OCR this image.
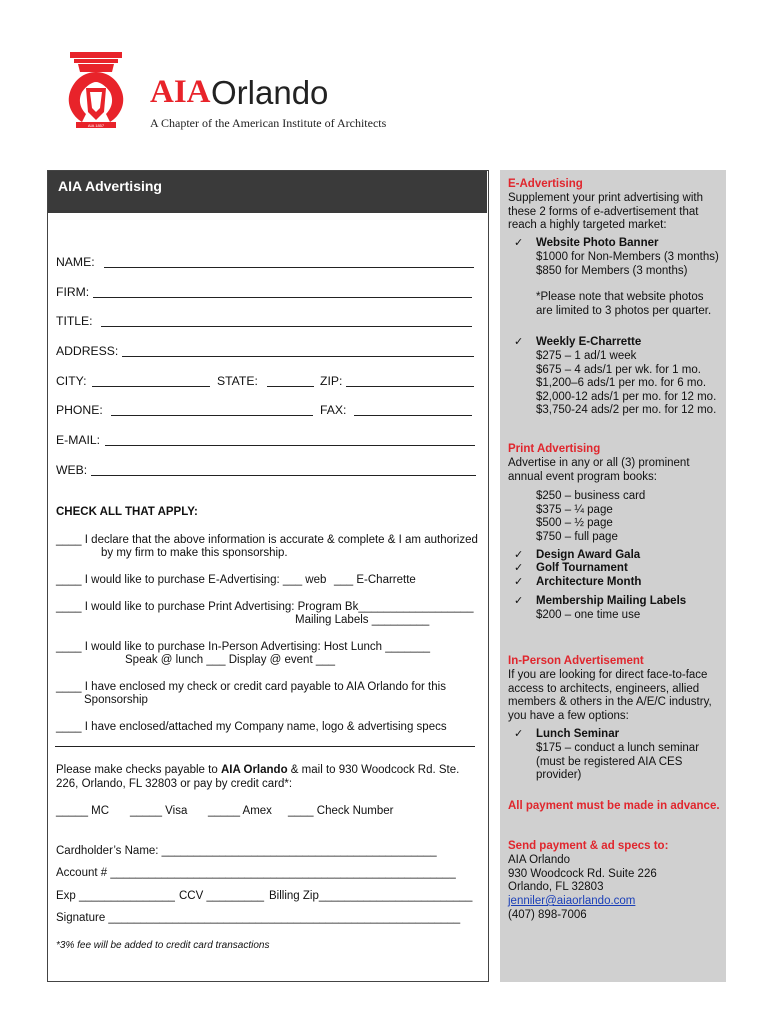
AIA 1857
AIA Orlando
A Chapter of the American Institute of Architects
AIA Advertising
NAME:
FIRM:
TITLE:
ADDRESS:
CITY:	STATE:	ZIP:
PHONE:	FAX:
E-MAIL:
WEB:
CHECK ALL THAT APPLY:
____ I declare that the above information is accurate & complete & I am authorized
by my firm to make this sponsorship.
____ I would like to purchase E-Advertising: ___ web ___ E-Charrette
____ I would like to purchase Print Advertising: Program Bk__________________
Mailing Labels _________
____ I would like to purchase In-Person Advertising: Host Lunch _______
Speak @ lunch ___ Display @ event ___
____ I have enclosed my check or credit card payable to AIA Orlando for this
Sponsorship
____ I have enclosed/attached my Company name, logo & advertising specs
Please make checks payable to AIA Orlando & mail to 930 Woodcock Rd. Ste.
226, Orlando, FL 32803 or pay by credit card*:
_____ MC _____ Visa _____ Amex ____ Check Number
Cardholder’s Name: ___________________________________________
Account # ______________________________________________________
Exp _______________ CCV _________ Billing Zip________________________
Signature _______________________________________________________
*3% fee will be added to credit card transactions
E-Advertising
Supplement your print advertising with
these 2 forms of e-advertisement that
reach a highly targeted market:
✓ Website Photo Banner
$1000 for Non-Members (3 months)
$850 for Members (3 months)
*Please note that website photos
are limited to 3 photos per quarter.
✓ Weekly E-Charrette
$275 – 1 ad/1 week
$675 – 4 ads/1 per wk. for 1 mo.
$1,200–6 ads/1 per mo. for 6 mo.
$2,000-12 ads/1 per mo. for 12 mo.
$3,750-24 ads/2 per mo. for 12 mo.
Print Advertising
Advertise in any or all (3) prominent
annual event program books:
$250 – business card
$375 – ¼ page
$500 – ½ page
$750 – full page
✓ Design Award Gala
✓ Golf Tournament
✓ Architecture Month
✓ Membership Mailing Labels
$200 – one time use
In-Person Advertisement
If you are looking for direct face-to-face
access to architects, engineers, allied
members & others in the A/E/C industry,
you have a few options:
✓ Lunch Seminar
$175 – conduct a lunch seminar
(must be registered AIA CES
provider)
All payment must be made in advance.
Send payment & ad specs to:
AIA Orlando
930 Woodcock Rd. Suite 226
Orlando, FL 32803
jenniler@aiaorlando.com
(407) 898-7006
